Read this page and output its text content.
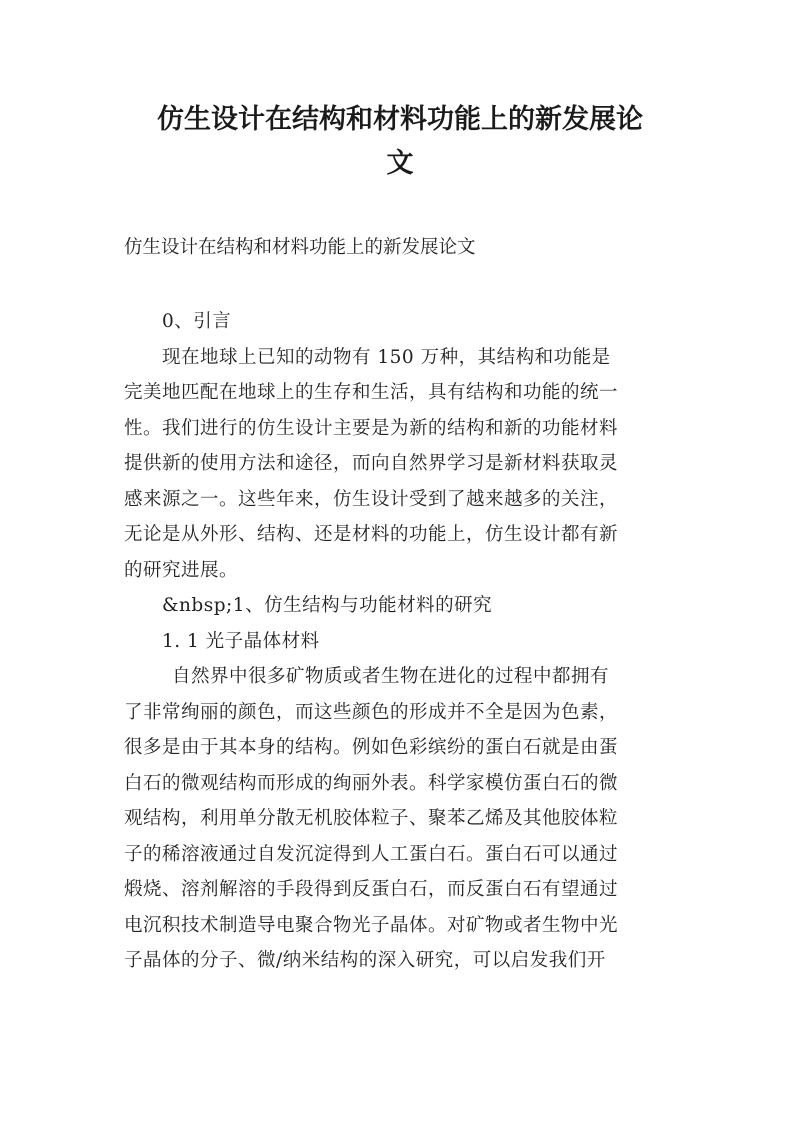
仿生设计在结构和材料功能上的新发展论
文
仿生设计在结构和材料功能上的新发展论文
0、引言
现在地球上已知的动物有 150 万种，其结构和功能是
完美地匹配在地球上的生存和生活，具有结构和功能的统一
性。我们进行的仿生设计主要是为新的结构和新的功能材料
提供新的使用方法和途径，而向自然界学习是新材料获取灵
感来源之一。这些年来，仿生设计受到了越来越多的关注，
无论是从外形、结构、还是材料的功能上，仿生设计都有新
的研究进展。
&nbsp;1、仿生结构与功能材料的研究
1. 1 光子晶体材料
自然界中很多矿物质或者生物在进化的过程中都拥有
了非常绚丽的颜色，而这些颜色的形成并不全是因为色素，
很多是由于其本身的结构。例如色彩缤纷的蛋白石就是由蛋
白石的微观结构而形成的绚丽外表。科学家模仿蛋白石的微
观结构，利用单分散无机胶体粒子、聚苯乙烯及其他胶体粒
子的稀溶液通过自发沉淀得到人工蛋白石。蛋白石可以通过
煅烧、溶剂解溶的手段得到反蛋白石，而反蛋白石有望通过
电沉积技术制造导电聚合物光子晶体。对矿物或者生物中光
子晶体的分子、微/纳米结构的深入研究，可以启发我们开
